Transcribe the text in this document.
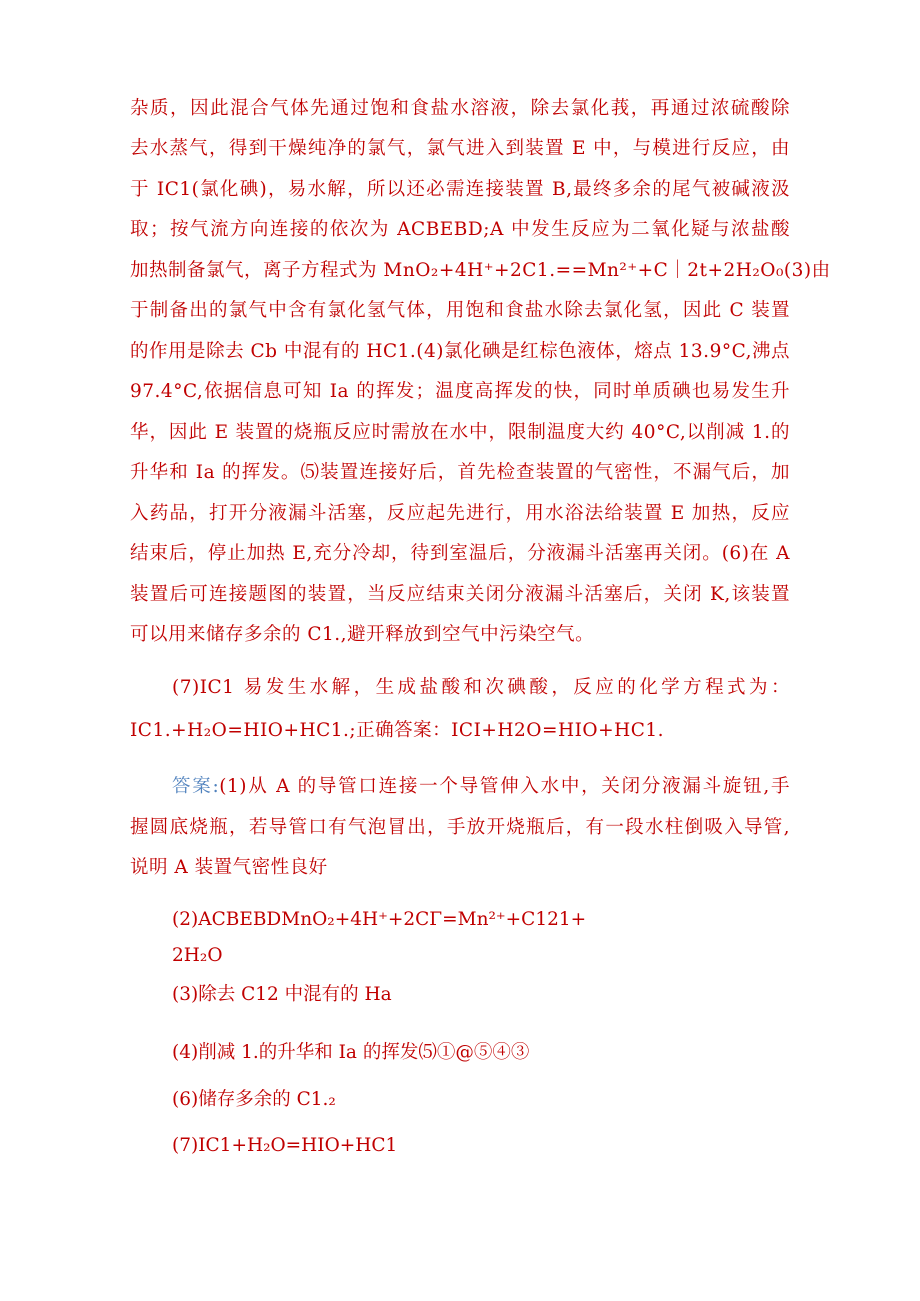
杂质，因此混合气体先通过饱和食盐水溶液，除去氯化莪，再通过浓硫酸除
去水蒸气，得到干燥纯净的氯气，氯气进入到装置 E 中，与模进行反应，由
于 IC1(氯化碘)，易水解，所以还必需连接装置 B,最终多余的尾气被碱液汲
取；按气流方向连接的依次为 ACBEBD;A 中发生反应为二氧化疑与浓盐酸
加热制备氯气，离子方程式为 MnO₂+4H⁺+2C1.==Mn²⁺+C｜2t+2H₂O₀(3)由
于制备出的氯气中含有氯化氢气体，用饱和食盐水除去氯化氢，因此 C 装置
的作用是除去 Cb 中混有的 HC1.(4)氯化碘是红棕色液体，熔点 13.9°C,沸点
97.4°C,依据信息可知 Ia 的挥发；温度高挥发的快，同时单质碘也易发生升
华，因此 E 装置的烧瓶反应时需放在水中，限制温度大约 40°C,以削减 1.的
升华和 Ia 的挥发。⑸装置连接好后，首先检查装置的气密性，不漏气后，加
入药品，打开分液漏斗活塞，反应起先进行，用水浴法给装置 E 加热，反应
结束后，停止加热 E,充分冷却，待到室温后，分液漏斗活塞再关闭。(6)在 A
装置后可连接题图的装置，当反应结束关闭分液漏斗活塞后，关闭 K,该装置
可以用来储存多余的 C1.,避开释放到空气中污染空气。
(7)IC1 易发生水解，生成盐酸和次碘酸，反应的化学方程式为：
IC1.+H₂O=HIO+HC1.;正确答案：ICI+H2O=HIO+HC1.
答案:(1)从 A 的导管口连接一个导管伸入水中，关闭分液漏斗旋钮,手
握圆底烧瓶，若导管口有气泡冒出，手放开烧瓶后，有一段水柱倒吸入导管,
说明 A 装置气密性良好
(2)ACBEBDMnO₂+4H⁺+2CΓ=Mn²⁺+C121+
2H₂O
(3)除去 C12 中混有的 Ha
(4)削减 1.的升华和 Ia 的挥发⑸①@⑤④③
(6)储存多余的 C1.₂
(7)IC1+H₂O=HIO+HC1
